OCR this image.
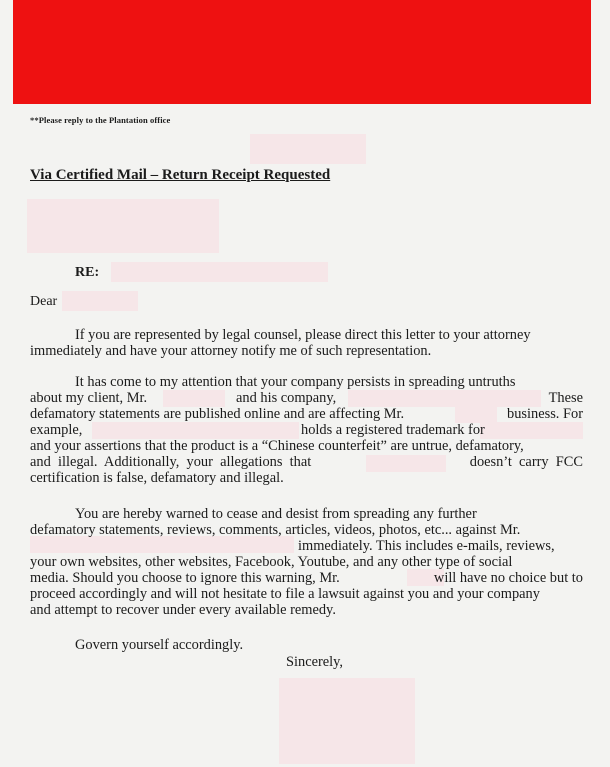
**Please reply to the Plantation office
Via Certified Mail – Return Receipt Requested
RE:
Dear
If you are represented by legal counsel, please direct this letter to your attorney
immediately and have your attorney notify me of such representation.
It has come to my attention that your company persists in spreading untruths
about my client, Mr.	and his company,	These
defamatory statements are published online and are affecting Mr.	business. For
example,	holds a registered trademark for
and your assertions that the product is a “Chinese counterfeit” are untrue, defamatory,
and  illegal.  Additionally,  your  allegations  that	doesn’t  carry  FCC
certification is false, defamatory and illegal.
You are hereby warned to cease and desist from spreading any further
defamatory statements, reviews, comments, articles, videos, photos, etc... against Mr.
immediately. This includes e-mails, reviews,
your own websites, other websites, Facebook, Youtube, and any other type of social
media. Should you choose to ignore this warning, Mr.	will have no choice but to
proceed accordingly and will not hesitate to file a lawsuit against you and your company
and attempt to recover under every available remedy.
Govern yourself accordingly.
Sincerely,
